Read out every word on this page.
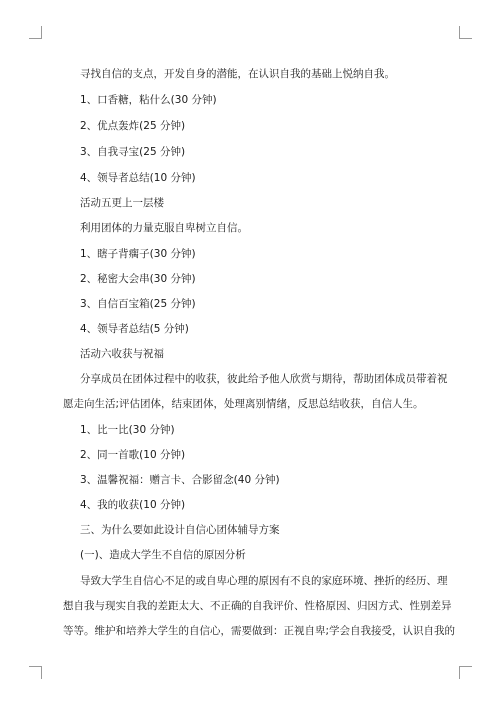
寻找自信的支点，开发自身的潜能，在认识自我的基础上悦纳自我。
1、口香糖，粘什么(30 分钟)
2、优点轰炸(25 分钟)
3、自我寻宝(25 分钟)
4、领导者总结(10 分钟)
活动五更上一层楼
利用团体的力量克服自卑树立自信。
1、瞎子背瘸子(30 分钟)
2、秘密大会串(30 分钟)
3、自信百宝箱(25 分钟)
4、领导者总结(5 分钟)
活动六收获与祝福
分享成员在团体过程中的收获，彼此给予他人欣赏与期待，帮助团体成员带着祝
愿走向生活;评估团体，结束团体，处理离别情绪，反思总结收获，自信人生。
1、比一比(30 分钟)
2、同一首歌(10 分钟)
3、温馨祝福：赠言卡、合影留念(40 分钟)
4、我的收获(10 分钟)
三、为什么要如此设计自信心团体辅导方案
(一)、造成大学生不自信的原因分析
导致大学生自信心不足的或自卑心理的原因有不良的家庭环境、挫折的经历、理
想自我与现实自我的差距太大、不正确的自我评价、性格原因、归因方式、性别差异
等等。维护和培养大学生的自信心，需要做到：正视自卑;学会自我接受，认识自我的
